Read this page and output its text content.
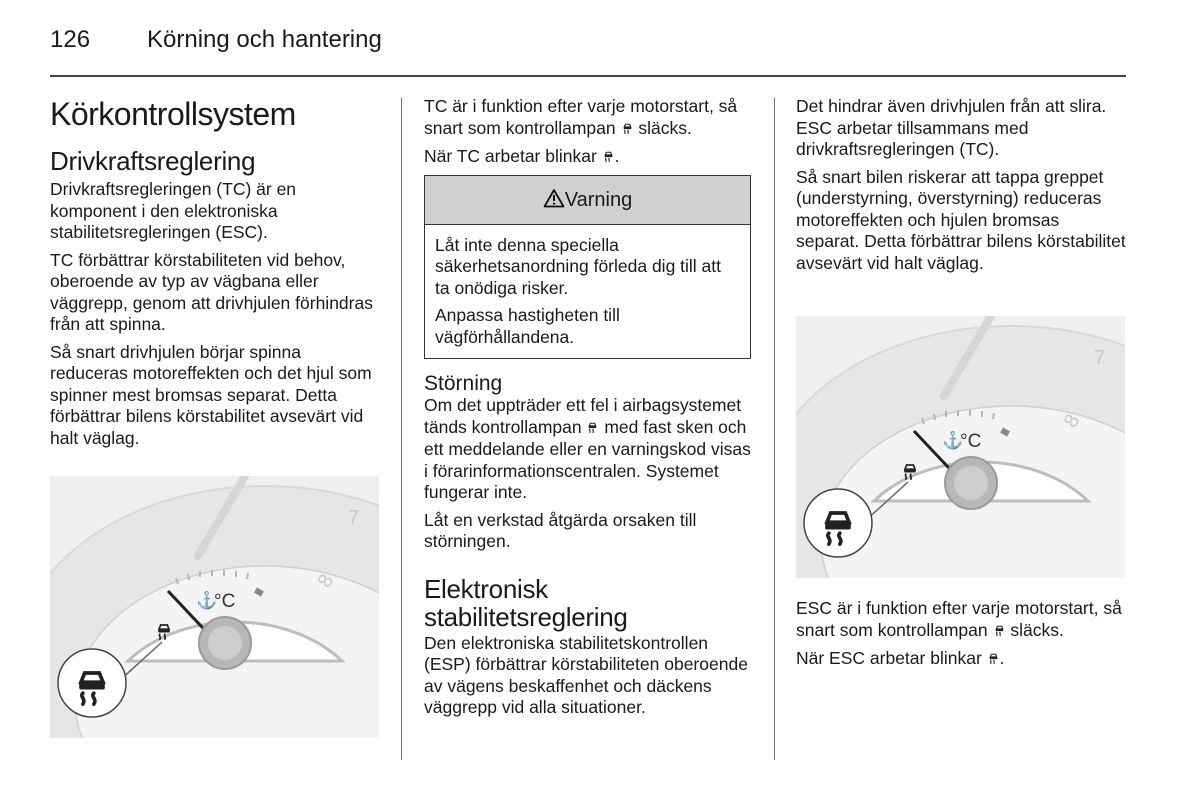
126 Körning och hantering
Körkontrollsystem
Drivkraftsreglering

Drivkraftsregleringen (TC) är en komponent i den elektroniska stabilitetsregleringen (ESC).

TC förbättrar körstabiliteten vid behov, oberoende av typ av vägbana eller väggrepp, genom att drivhjulen förhindras från att spinna.

Så snart drivhjulen börjar spinna reduceras motoreffekten och det hjul som spinner mest bromsas separat. Detta förbättrar bilens körstabilitet avsevärt vid halt väglag.

7
8
⚓
°C

TC är i funktion efter varje motorstart, så snart som kontrollampan släcks.

När TC arbetar blinkar .

Varning

Låt inte denna speciella säkerhetsanordning förleda dig till att ta onödiga risker.

Anpassa hastigheten till vägförhållandena.

Störning

Om det uppträder ett fel i airbagsystemet tänds kontrollampan med fast sken och ett meddelande eller en varningskod visas i förarinformationscentralen. Systemet fungerar inte.

Låt en verkstad åtgärda orsaken till störningen.

Elektronisk stabilitetsreglering

Den elektroniska stabilitetskontrollen (ESP) förbättrar körstabiliteten oberoende av vägens beskaffenhet och däckens väggrepp vid alla situationer.

Det hindrar även drivhjulen från att slira. ESC arbetar tillsammans med drivkraftsregleringen (TC).

Så snart bilen riskerar att tappa greppet (understyrning, överstyrning) reduceras motoreffekten och hjulen bromsas separat. Detta förbättrar bilens körstabilitet avsevärt vid halt väglag.

7
8
⚓
°C

ESC är i funktion efter varje motorstart, så snart som kontrollampan släcks.

När ESC arbetar blinkar .
